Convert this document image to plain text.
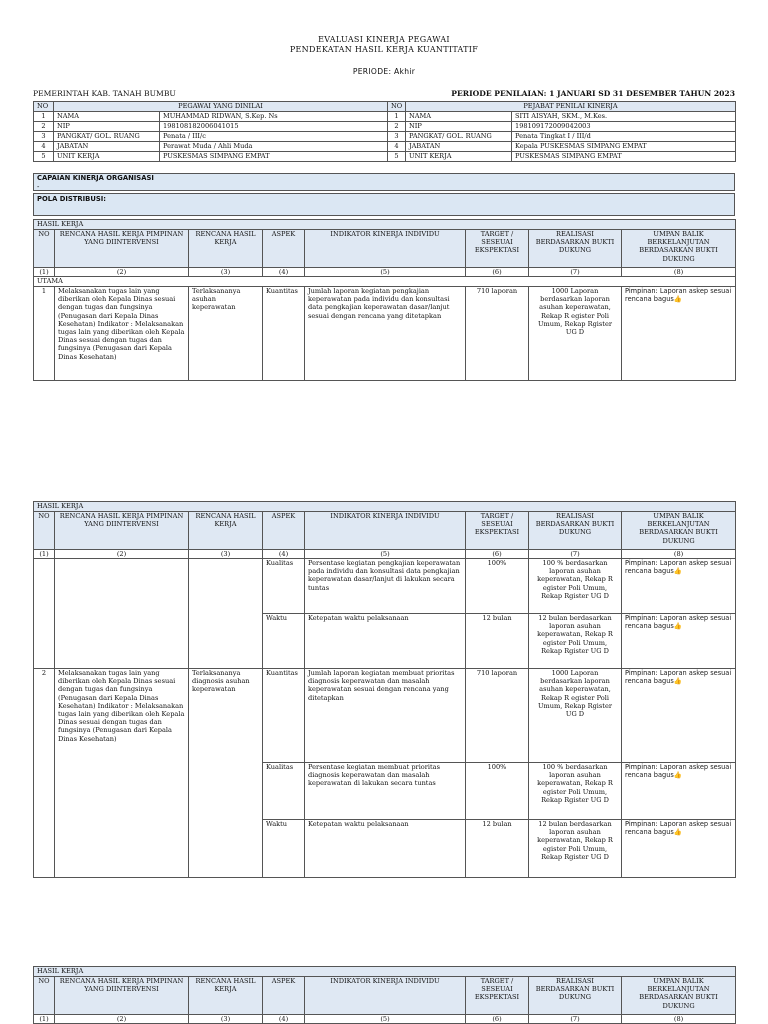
EVALUASI KINERJA PEGAWAI
PENDEKATAN HASIL KERJA KUANTITATIF
PERIODE: Akhir
PEMERINTAH KAB. TANAH BUMBU	PERIODE PENILAIAN: 1 JANUARI SD 31 DESEMBER TAHUN 2023
NO	PEGAWAI YANG DINILAI		NO	PEJABAT PENILAI KINERJA	
1	NAMA	MUHAMMAD RIDWAN, S.Kep. Ns	1	NAMA	SITI AISYAH, SKM., M.Kes.
2	NIP	198108182006041015	2	NIP	198109172009042003
3	PANGKAT/ GOL. RUANG	Penata / III/c	3	PANGKAT/ GOL. RUANG	Penata Tingkat I / III/d
4	JABATAN	Perawat Muda / Ahli Muda	4	JABATAN	Kepala PUSKESMAS SIMPANG EMPAT
5	UNIT KERJA	PUSKESMAS SIMPANG EMPAT	5	UNIT KERJA	PUSKESMAS SIMPANG EMPAT
CAPAIAN KINERJA ORGANISASI
-
POLA DISTRIBUSI:
HASIL KERJA							
NO	RENCANA HASIL KERJA PIMPINAN YANG DIINTERVENSI	RENCANA HASIL KERJA	ASPEK	INDIKATOR KINERJA INDIVIDU	TARGET / SESEUAI EKSPEKTASI	REALISASI BERDASARKAN BUKTI DUKUNG	UMPAN BALIK BERKELANJUTAN BERDASARKAN BUKTI DUKUNG
(1)	(2)	(3)	(4)	(5)	(6)	(7)	(8)
UTAMA							
1	Melaksanakan tugas lain yang diberikan oleh Kepala Dinas sesuai dengan tugas dan fungsinya (Penugasan dari Kepala Dinas Kesehatan) Indikator : Melaksanakan tugas lain yang diberikan oleh Kepala Dinas sesuai dengan tugas dan fungsinya (Penugasan dari Kepala Dinas Kesehatan)	Terlaksananya asuhan keperawatan	Kuantitas	Jumlah laporan kegiatan pengkajian keperawatan pada individu dan konsultasi data pengkajian keperawatan dasar/lanjut sesuai dengan rencana yang ditetapkan	710 laporan	1000 Laporan berdasarkan laporan asuhan keperawatan, Rekap R egister Poli Umum, Rekap Rgister UG D	Pimpinan: Laporan askep sesuai rencana bagus👍
HASIL KERJA							
NO	RENCANA HASIL KERJA PIMPINAN YANG DIINTERVENSI	RENCANA HASIL KERJA	ASPEK	INDIKATOR KINERJA INDIVIDU	TARGET / SESEUAI EKSPEKTASI	REALISASI BERDASARKAN BUKTI DUKUNG	UMPAN BALIK BERKELANJUTAN BERDASARKAN BUKTI DUKUNG
(1)	(2)	(3)	(4)	(5)	(6)	(7)	(8)
			Kualitas	Persentase kegiatan pengkajian keperawatan pada individu dan konsultasi data pengkajian keperawatan dasar/lanjut di lakukan secara tuntas	100%	100 % berdasarkan laporan asuhan keperawatan, Rekap R egister Poli Umum, Rekap Rgister UG D	Pimpinan: Laporan askep sesuai rencana bagus👍
			Waktu	Ketepatan waktu pelaksanaan	12 bulan	12 bulan berdasarkan laporan asuhan keperawatan, Rekap R egister Poli Umum, Rekap Rgister UG D	Pimpinan: Laporan askep sesuai rencana bagus👍
2	Melaksanakan tugas lain yang diberikan oleh Kepala Dinas sesuai dengan tugas dan fungsinya (Penugasan dari Kepala Dinas Kesehatan) Indikator : Melaksanakan tugas lain yang diberikan oleh Kepala Dinas sesuai dengan tugas dan fungsinya (Penugasan dari Kepala Dinas Kesehatan)	Terlaksananya diagnosis asuhan keperawatan	Kuantitas	Jumlah laporan kegiatan membuat prioritas diagnosis keperawatan dan masalah keperawatan sesuai dengan rencana yang ditetapkan	710 laporan	1000 Laporan berdasarkan laporan asuhan keperawatan, Rekap R egister Poli Umum, Rekap Rgister UG D	Pimpinan: Laporan askep sesuai rencana bagus👍
			Kualitas	Persentase kegiatan membuat prioritas diagnosis keperawatan dan masalah keperawatan di lakukan secara tuntas	100%	100 % berdasarkan laporan asuhan keperawatan, Rekap R egister Poli Umum, Rekap Rgister UG D	Pimpinan: Laporan askep sesuai rencana bagus👍
			Waktu	Ketepatan waktu pelaksanaan	12 bulan	12 bulan berdasarkan laporan asuhan keperawatan, Rekap R egister Poli Umum, Rekap Rgister UG D	Pimpinan: Laporan askep sesuai rencana bagus👍
HASIL KERJA							
NO	RENCANA HASIL KERJA PIMPINAN YANG DIINTERVENSI	RENCANA HASIL KERJA	ASPEK	INDIKATOR KINERJA INDIVIDU	TARGET / SESEUAI EKSPEKTASI	REALISASI BERDASARKAN BUKTI DUKUNG	UMPAN BALIK BERKELANJUTAN BERDASARKAN BUKTI DUKUNG
(1)	(2)	(3)	(4)	(5)	(6)	(7)	(8)
